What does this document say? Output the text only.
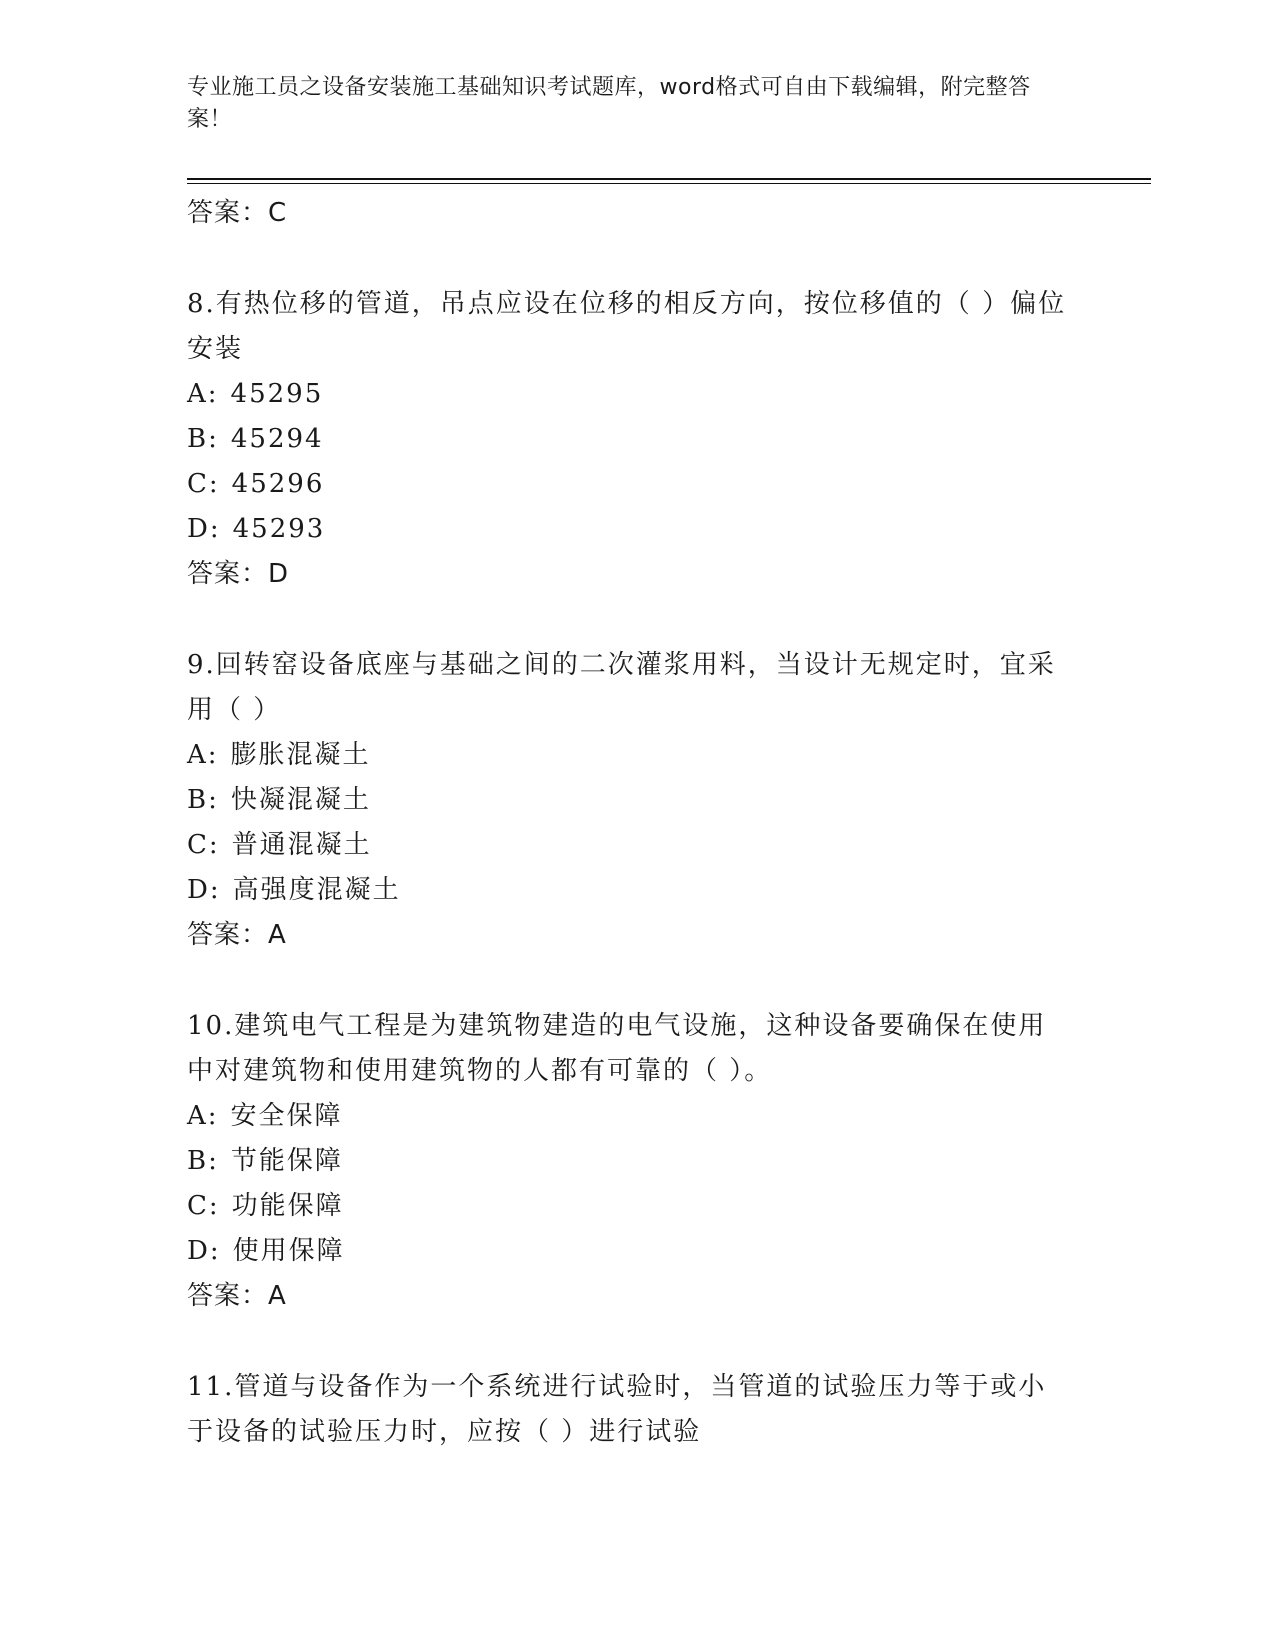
专业施工员之设备安装施工基础知识考试题库，word格式可自由下载编辑，附完整答案！
答案：C
8.有热位移的管道，吊点应设在位移的相反方向，按位移值的（ ）偏位安装
A: 45295
B: 45294
C: 45296
D: 45293
答案：D
9.回转窑设备底座与基础之间的二次灌浆用料，当设计无规定时，宜采用（ ）
A: 膨胀混凝土
B: 快凝混凝土
C: 普通混凝土
D: 高强度混凝土
答案：A
10.建筑电气工程是为建筑物建造的电气设施，这种设备要确保在使用中对建筑物和使用建筑物的人都有可靠的（ ）。
A: 安全保障
B: 节能保障
C: 功能保障
D: 使用保障
答案：A
11.管道与设备作为一个系统进行试验时，当管道的试验压力等于或小于设备的试验压力时，应按（ ）进行试验
